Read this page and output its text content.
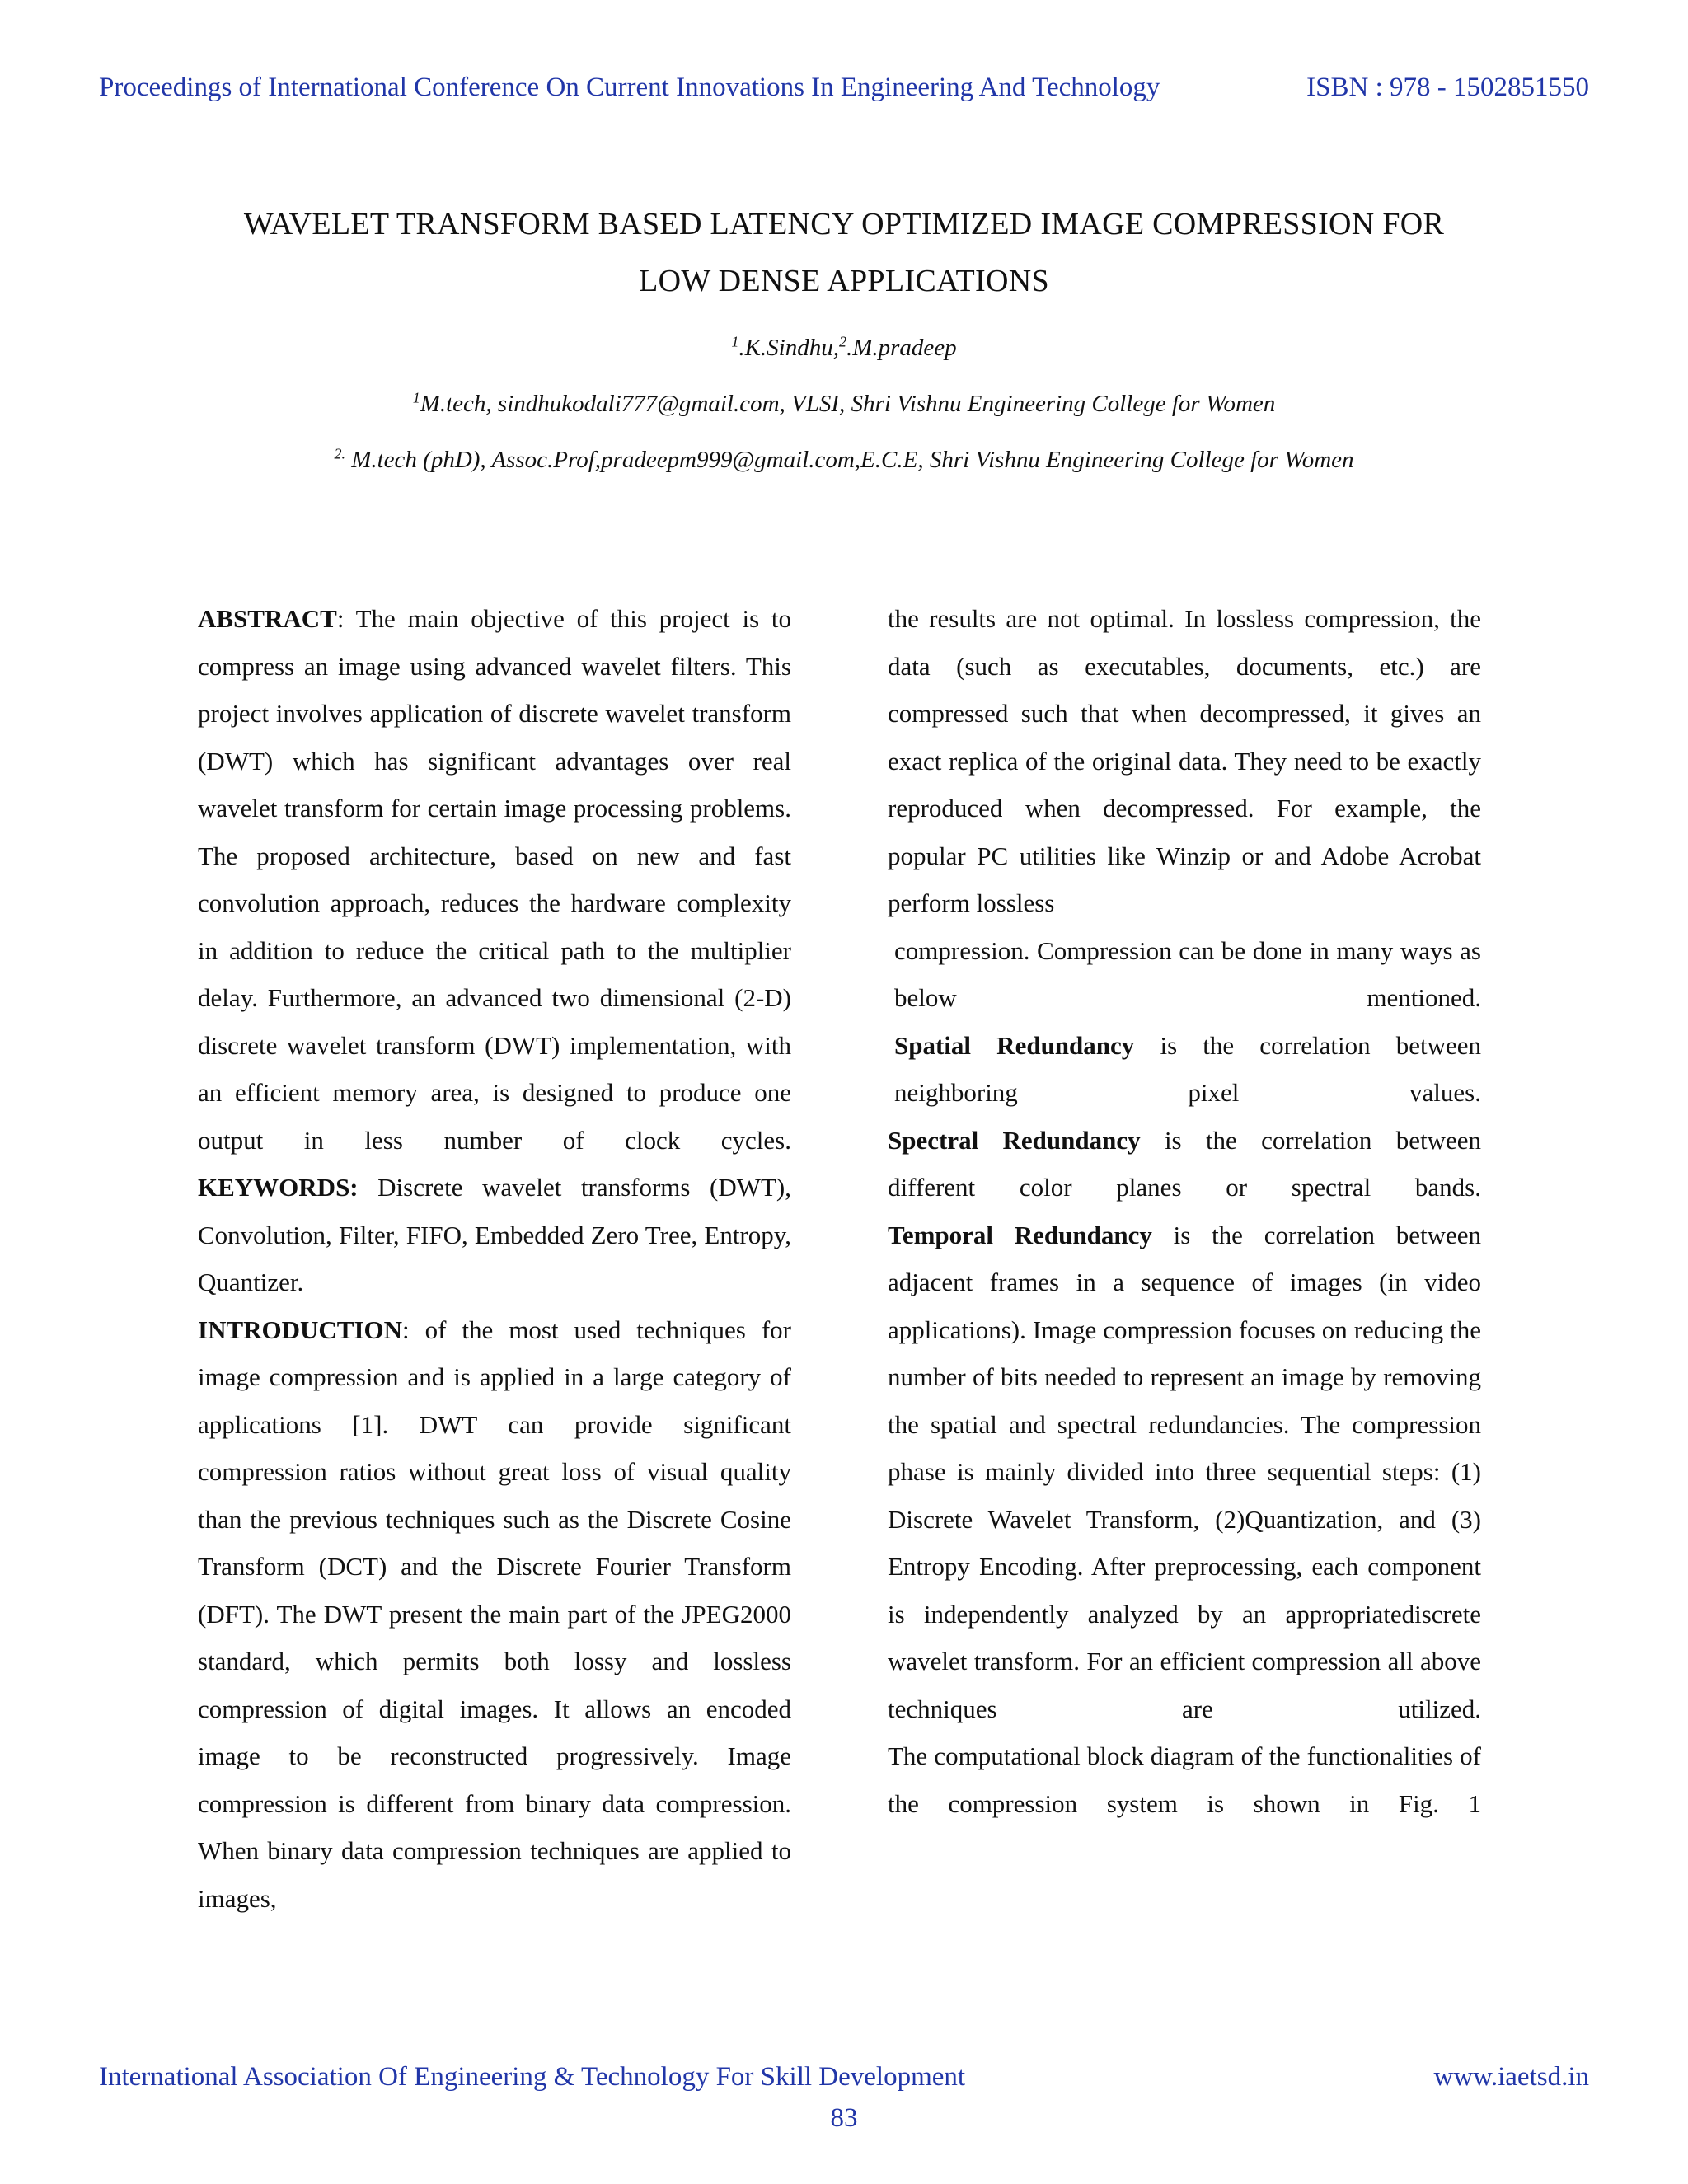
Proceedings of International Conference On Current Innovations In Engineering And Technology	ISBN : 978 - 1502851550
WAVELET TRANSFORM BASED LATENCY OPTIMIZED IMAGE COMPRESSION FOR
LOW DENSE APPLICATIONS
$^1$.K.Sindhu,$^2$.M.pradeep
$^1$M.tech, sindhukodali777@gmail.com, VLSI, Shri Vishnu Engineering College for Women
$^{2.}$ M.tech (phD), Assoc.Prof,pradeepm999@gmail.com,E.C.E, Shri Vishnu Engineering College for Women

ABSTRACT: The main objective of this project is to compress an image using advanced wavelet filters. This project involves application of discrete wavelet transform (DWT) which has significant advantages over real wavelet transform for certain image processing problems. The proposed architecture, based on new and fast convolution approach, reduces the hardware complexity in addition to reduce the critical path to the multiplier delay. Furthermore, an advanced two dimensional (2-D) discrete wavelet transform (DWT) implementation, with an efficient memory area, is designed to produce one output in less number of clock cycles.

KEYWORDS: Discrete wavelet transforms (DWT), Convolution, Filter, FIFO, Embedded Zero Tree, Entropy, Quantizer.

INTRODUCTION: of the most used techniques for image compression and is applied in a large category of applications [1]. DWT can provide significant compression ratios without great loss of visual quality than the previous techniques such as the Discrete Cosine Transform (DCT) and the Discrete Fourier Transform (DFT). The DWT present the main part of the JPEG2000 standard, which permits both lossy and lossless compression of digital images. It allows an encoded image to be reconstructed progressively. Image compression is different from binary data compression. When binary data compression techniques are applied to images,

the results are not optimal. In lossless compression, the data (such as executables, documents, etc.) are compressed such that when decompressed, it gives an exact replica of the original data. They need to be exactly reproduced when decompressed. For example, the popular PC utilities like Winzip or and Adobe Acrobat perform lossless

compression. Compression can be done in many ways as below mentioned.

Spatial Redundancy is the correlation between neighboring pixel values.

Spectral Redundancy is the correlation between different color planes or spectral bands.

Temporal Redundancy is the correlation between adjacent frames in a sequence of images (in video applications). Image compression focuses on reducing the number of bits needed to represent an image by removing the spatial and spectral redundancies. The compression phase is mainly divided into three sequential steps: (1) Discrete Wavelet Transform, (2)Quantization, and (3) Entropy Encoding. After preprocessing, each component is independently analyzed by an appropriatediscrete wavelet transform. For an efficient compression all above techniques are utilized.

The computational block diagram of the functionalities of the compression system is shown in Fig. 1

International Association Of Engineering & Technology For Skill Development	www.iaetsd.in
83
